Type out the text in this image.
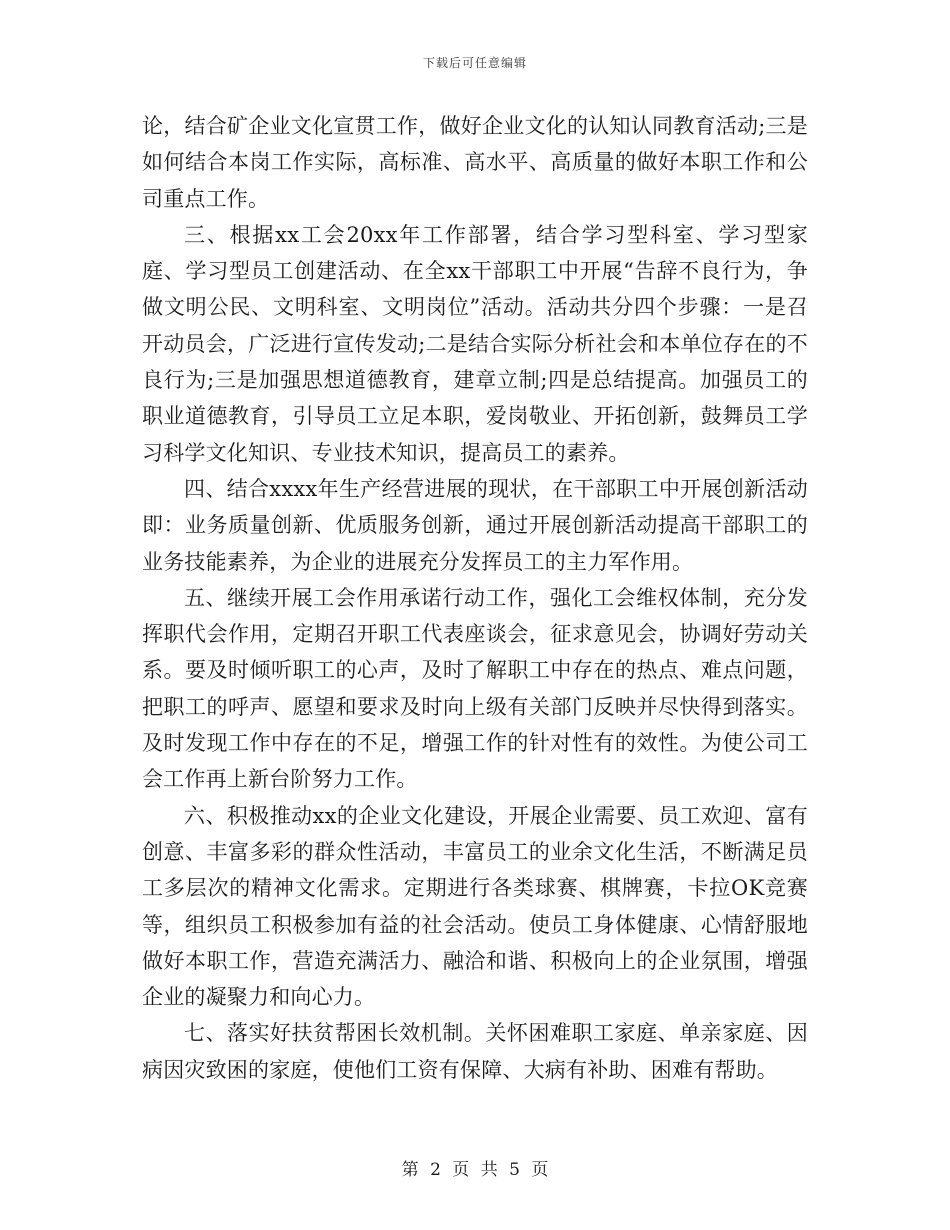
下载后可任意编辑

论，结合矿企业文化宣贯工作，做好企业文化的认知认同教育活动;三是如何结合本岗工作实际，高标准、高水平、高质量的做好本职工作和公司重点工作。

三、根据xx工会20xx年工作部署，结合学习型科室、学习型家庭、学习型员工创建活动、在全xx干部职工中开展“告辞不良行为，争做文明公民、文明科室、文明岗位”活动。活动共分四个步骤：一是召开动员会，广泛进行宣传发动;二是结合实际分析社会和本单位存在的不良行为;三是加强思想道德教育，建章立制;四是总结提高。加强员工的职业道德教育，引导员工立足本职，爱岗敬业、开拓创新，鼓舞员工学习科学文化知识、专业技术知识，提高员工的素养。

四、结合xxxx年生产经营进展的现状，在干部职工中开展创新活动即：业务质量创新、优质服务创新，通过开展创新活动提高干部职工的业务技能素养，为企业的进展充分发挥员工的主力军作用。

五、继续开展工会作用承诺行动工作，强化工会维权体制，充分发挥职代会作用，定期召开职工代表座谈会，征求意见会，协调好劳动关系。要及时倾听职工的心声，及时了解职工中存在的热点、难点问题，把职工的呼声、愿望和要求及时向上级有关部门反映并尽快得到落实。及时发现工作中存在的不足，增强工作的针对性有的效性。为使公司工会工作再上新台阶努力工作。

六、积极推动xx的企业文化建设，开展企业需要、员工欢迎、富有创意、丰富多彩的群众性活动，丰富员工的业余文化生活，不断满足员工多层次的精神文化需求。定期进行各类球赛、棋牌赛，卡拉OK竞赛等，组织员工积极参加有益的社会活动。使员工身体健康、心情舒服地做好本职工作，营造充满活力、融洽和谐、积极向上的企业氛围，增强企业的凝聚力和向心力。

七、落实好扶贫帮困长效机制。关怀困难职工家庭、单亲家庭、因病因灾致困的家庭，使他们工资有保障、大病有补助、困难有帮助。

第 2 页 共 5 页
